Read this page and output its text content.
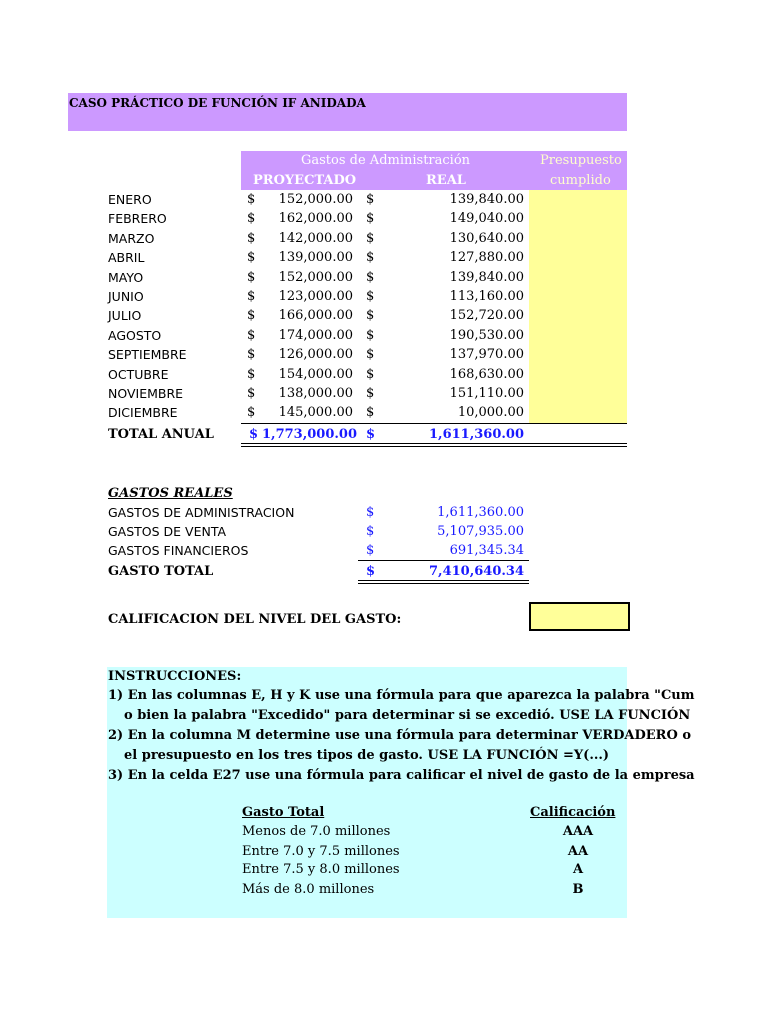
CASO PRÁCTICO DE FUNCIÓN IF ANIDADA
Gastos de Administración
PROYECTADO	REAL
Presupuesto
cumplido
ENERO	$	152,000.00 $	139,840.00
FEBRERO	$	162,000.00 $	149,040.00
MARZO	$	142,000.00 $	130,640.00
ABRIL	$	139,000.00 $	127,880.00
MAYO	$	152,000.00 $	139,840.00
JUNIO	$	123,000.00 $	113,160.00
JULIO	$	166,000.00 $	152,720.00
AGOSTO	$	174,000.00 $	190,530.00
SEPTIEMBRE	$	126,000.00 $	137,970.00
OCTUBRE	$	154,000.00 $	168,630.00
NOVIEMBRE	$	138,000.00 $	151,110.00
DICIEMBRE	$	145,000.00 $	10,000.00
TOTAL ANUAL	$ 1,773,000.00 $	1,611,360.00
GASTOS REALES
GASTOS DE ADMINISTRACION	$	1,611,360.00
GASTOS DE VENTA	$	5,107,935.00
GASTOS FINANCIEROS	$	691,345.34
GASTO TOTAL	$	7,410,640.34
CALIFICACION DEL NIVEL DEL GASTO:
INSTRUCCIONES:
1) En las columnas E, H y K use una fórmula para que aparezca la palabra "Cum
o bien la palabra "Excedido" para determinar si se excedió. USE LA FUNCIÓN
2) En la columna M determine use una fórmula para determinar VERDADERO o
el presupuesto en los tres tipos de gasto. USE LA FUNCIÓN =Y(...)
3) En la celda E27 use una fórmula para calificar el nivel de gasto de la empresa
Gasto Total	Calificación
Menos de 7.0 millones	AAA
Entre 7.0 y 7.5 millones	AA
Entre 7.5 y 8.0 millones	A
Más de 8.0 millones	B
